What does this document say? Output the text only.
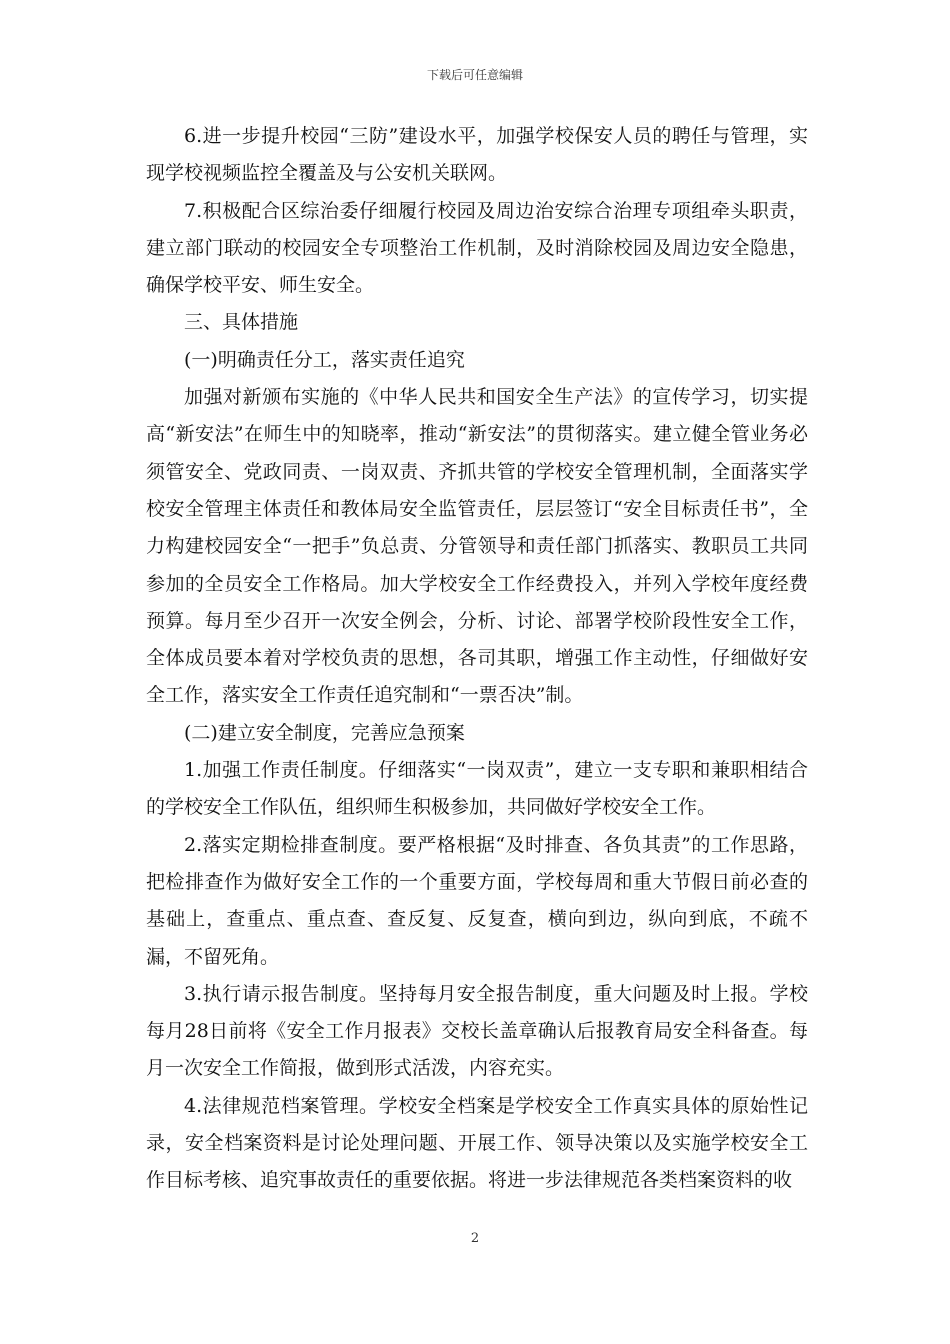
下载后可任意编辑

6.进一步提升校园“三防”建设水平，加强学校保安人员的聘任与管理，实现学校视频监控全覆盖及与公安机关联网。

7.积极配合区综治委仔细履行校园及周边治安综合治理专项组牵头职责，建立部门联动的校园安全专项整治工作机制，及时消除校园及周边安全隐患，确保学校平安、师生安全。

三、具体措施

(一)明确责任分工，落实责任追究

加强对新颁布实施的《中华人民共和国安全生产法》的宣传学习，切实提高“新安法”在师生中的知晓率，推动“新安法”的贯彻落实。建立健全管业务必须管安全、党政同责、一岗双责、齐抓共管的学校安全管理机制，全面落实学校安全管理主体责任和教体局安全监管责任，层层签订“安全目标责任书”，全力构建校园安全“一把手”负总责、分管领导和责任部门抓落实、教职员工共同参加的全员安全工作格局。加大学校安全工作经费投入，并列入学校年度经费预算。每月至少召开一次安全例会，分析、讨论、部署学校阶段性安全工作，全体成员要本着对学校负责的思想，各司其职，增强工作主动性，仔细做好安全工作，落实安全工作责任追究制和“一票否决”制。

(二)建立安全制度，完善应急预案

1.加强工作责任制度。仔细落实“一岗双责”，建立一支专职和兼职相结合的学校安全工作队伍，组织师生积极参加，共同做好学校安全工作。

2.落实定期检排查制度。要严格根据“及时排查、各负其责”的工作思路，把检排查作为做好安全工作的一个重要方面，学校每周和重大节假日前必查的基础上，查重点、重点查、查反复、反复查，横向到边，纵向到底，不疏不漏，不留死角。

3.执行请示报告制度。坚持每月安全报告制度，重大问题及时上报。学校每月28日前将《安全工作月报表》交校长盖章确认后报教育局安全科备查。每月一次安全工作简报，做到形式活泼，内容充实。

4.法律规范档案管理。学校安全档案是学校安全工作真实具体的原始性记录，安全档案资料是讨论处理问题、开展工作、领导决策以及实施学校安全工作目标考核、追究事故责任的重要依据。将进一步法律规范各类档案资料的收

2
